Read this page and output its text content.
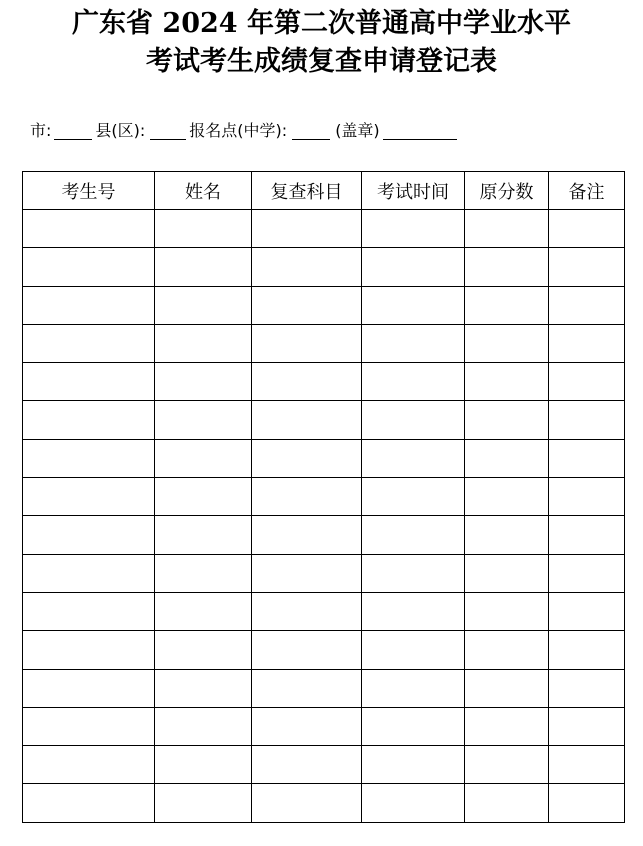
广东省 2024 年第二次普通高中学业水平
考试考生成绩复查申请登记表
市:	县(区):	报名点(中学):	(盖章)
考生号	姓名	复查科目	考试时间	原分数	备注
